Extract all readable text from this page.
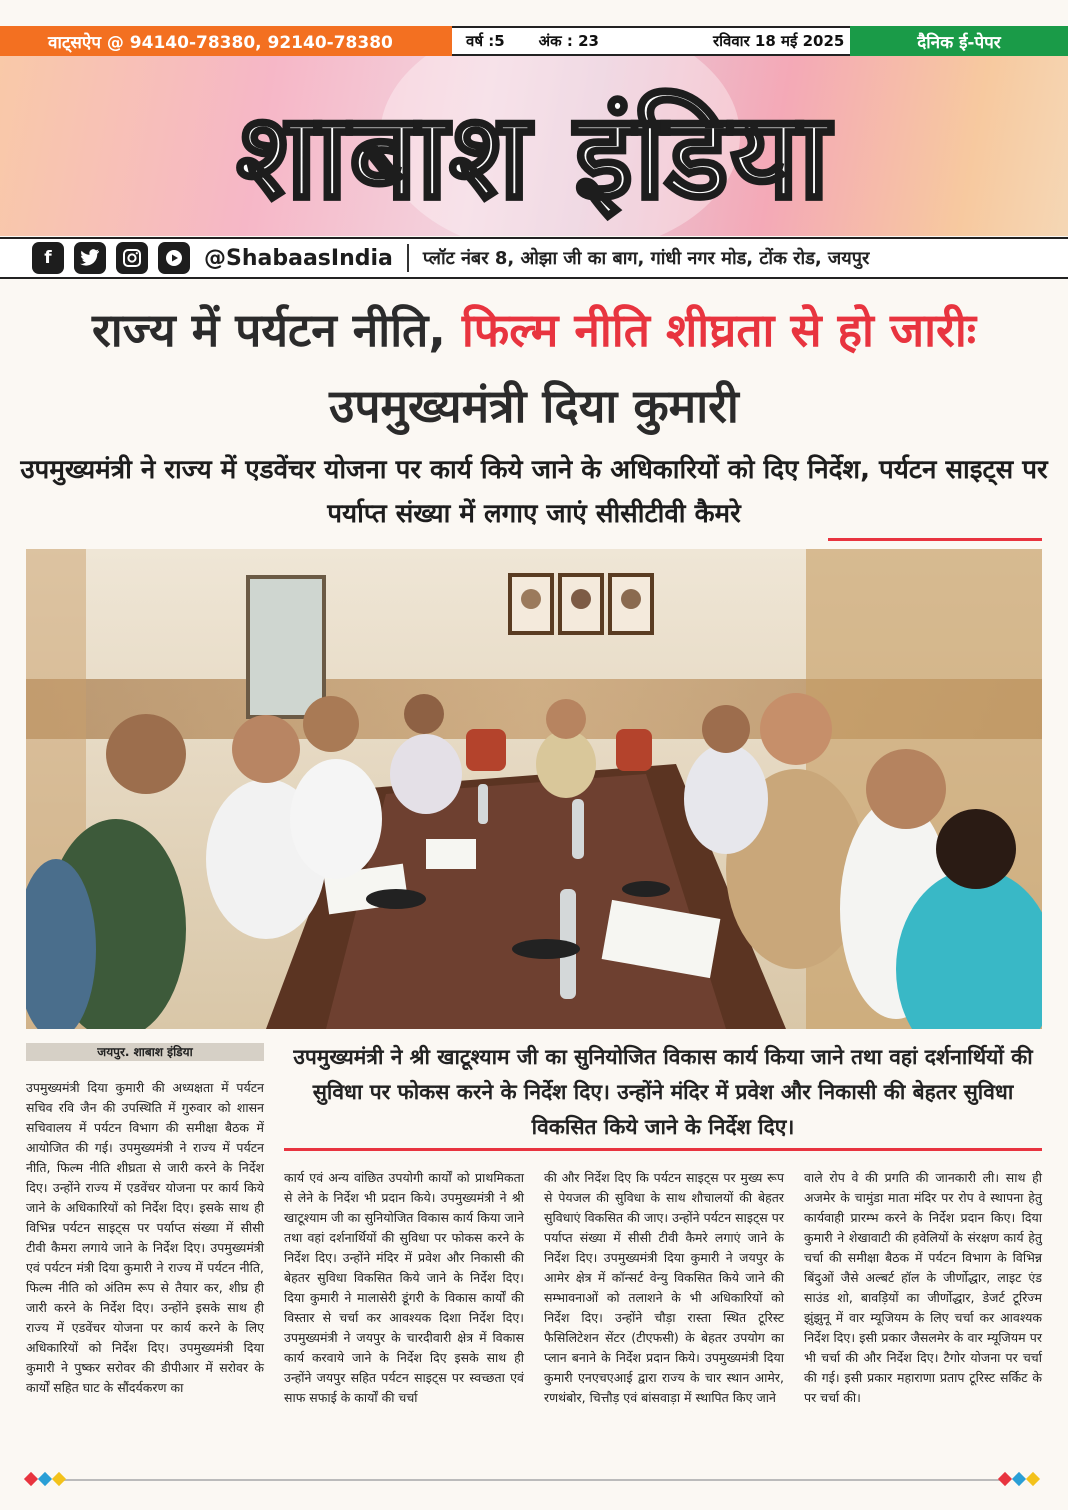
वाट्सऐप @ 94140-78380, 92140-78380	वर्ष :5 अंक : 23	रविवार 18 मई 2025	दैनिक ई-पेपर
शाबाश इंडिया
f	@ShabaasIndia प्लॉट नंबर 8, ओझा जी का बाग, गांधी नगर मोड, टोंक रोड, जयपुर
राज्य में पर्यटन नीति, फिल्म नीति शीघ्रता से हो जारीः उपमुख्यमंत्री दिया कुमारी
उपमुख्यमंत्री ने राज्य में एडवेंचर योजना पर कार्य किये जाने के अधिकारियों को दिए निर्देश, पर्यटन साइट्स पर पर्याप्त संख्या में लगाए जाएं सीसीटीवी कैमरे
जयपुर. शाबाश इंडिया	उपमुख्यमंत्री ने श्री खाटूश्याम जी का सुनियोजित विकास कार्य किया जाने तथा वहां दर्शनार्थियों की सुविधा पर फोकस करने के निर्देश दिए। उन्होंने मंदिर में प्रवेश और निकासी की बेहतर सुविधा विकसित किये जाने के निर्देश दिए।
उपमुख्यमंत्री दिया कुमारी की अध्यक्षता में पर्यटन सचिव रवि जैन की उपस्थिति में गुरुवार को शासन सचिवालय में पर्यटन विभाग की समीक्षा बैठक में आयोजित की गई। उपमुख्यमंत्री ने राज्य में पर्यटन नीति, फिल्म नीति शीघ्रता से जारी करने के निर्देश दिए। उन्होंने राज्य में एडवेंचर योजना पर कार्य किये जाने के अधिकारियों को निर्देश दिए। इसके साथ ही विभिन्न पर्यटन साइट्स पर पर्याप्त संख्या में सीसी टीवी कैमरा लगाये जाने के निर्देश दिए। उपमुख्यमंत्री एवं पर्यटन मंत्री दिया कुमारी ने राज्य में पर्यटन नीति, फिल्म नीति को अंतिम रूप से तैयार कर, शीघ्र ही जारी करने के निर्देश दिए। उन्होंने इसके साथ ही राज्य में एडवेंचर योजना पर कार्य करने के लिए अधिकारियों को निर्देश दिए। उपमुख्यमंत्री दिया कुमारी ने पुष्कर सरोवर की डीपीआर में सरोवर के कार्यों सहित घाट के सौंदर्यकरण का
कार्य एवं अन्य वांछित उपयोगी कार्यों को प्राथमिकता से लेने के निर्देश भी प्रदान किये। उपमुख्यमंत्री ने श्री खाटूश्याम जी का सुनियोजित विकास कार्य किया जाने तथा वहां दर्शनार्थियों की सुविधा पर फोकस करने के निर्देश दिए। उन्होंने मंदिर में प्रवेश और निकासी की बेहतर सुविधा विकसित किये जाने के निर्देश दिए। दिया कुमारी ने मालासेरी डूंगरी के विकास कार्यों की विस्तार से चर्चा कर आवश्यक दिशा निर्देश दिए। उपमुख्यमंत्री ने जयपुर के चारदीवारी क्षेत्र में विकास कार्य करवाये जाने के निर्देश दिए इसके साथ ही उन्होंने जयपुर सहित पर्यटन साइट्स पर स्वच्छता एवं साफ सफाई के कार्यों की चर्चा
की और निर्देश दिए कि पर्यटन साइट्स पर मुख्य रूप से पेयजल की सुविधा के साथ शौचालयों की बेहतर सुविधाएं विकसित की जाए। उन्होंने पर्यटन साइट्स पर पर्याप्त संख्या में सीसी टीवी कैमरे लगाएं जाने के निर्देश दिए। उपमुख्यमंत्री दिया कुमारी ने जयपुर के आमेर क्षेत्र में कॉन्सर्ट वेन्यु विकसित किये जाने की सम्भावनाओं को तलाशने के भी अधिकारियों को निर्देश दिए। उन्होंने चौड़ा रास्ता स्थित टूरिस्ट फैसिलिटेशन सेंटर (टीएफसी) के बेहतर उपयोग का प्लान बनाने के निर्देश प्रदान किये। उपमुख्यमंत्री दिया कुमारी एनएचएआई द्वारा राज्य के चार स्थान आमेर, रणथंबोर, चित्तौड़ एवं बांसवाड़ा में स्थापित किए जाने
वाले रोप वे की प्रगति की जानकारी ली। साथ ही अजमेर के चामुंडा माता मंदिर पर रोप वे स्थापना हेतु कार्यवाही प्रारम्भ करने के निर्देश प्रदान किए। दिया कुमारी ने शेखावाटी की हवेलियों के संरक्षण कार्य हेतु चर्चा की समीक्षा बैठक में पर्यटन विभाग के विभिन्न बिंदुओं जैसे अल्बर्ट हॉल के जीर्णोद्धार, लाइट एंड साउंड शो, बावड़ियों का जीर्णोद्धार, डेजर्ट टूरिज्म झुंझुनू में वार म्यूजियम के लिए चर्चा कर आवश्यक निर्देश दिए। इसी प्रकार जैसलमेर के वार म्यूजियम पर भी चर्चा की और निर्देश दिए। टैगोर योजना पर चर्चा की गई। इसी प्रकार महाराणा प्रताप टूरिस्ट सर्किट के पर चर्चा की।
